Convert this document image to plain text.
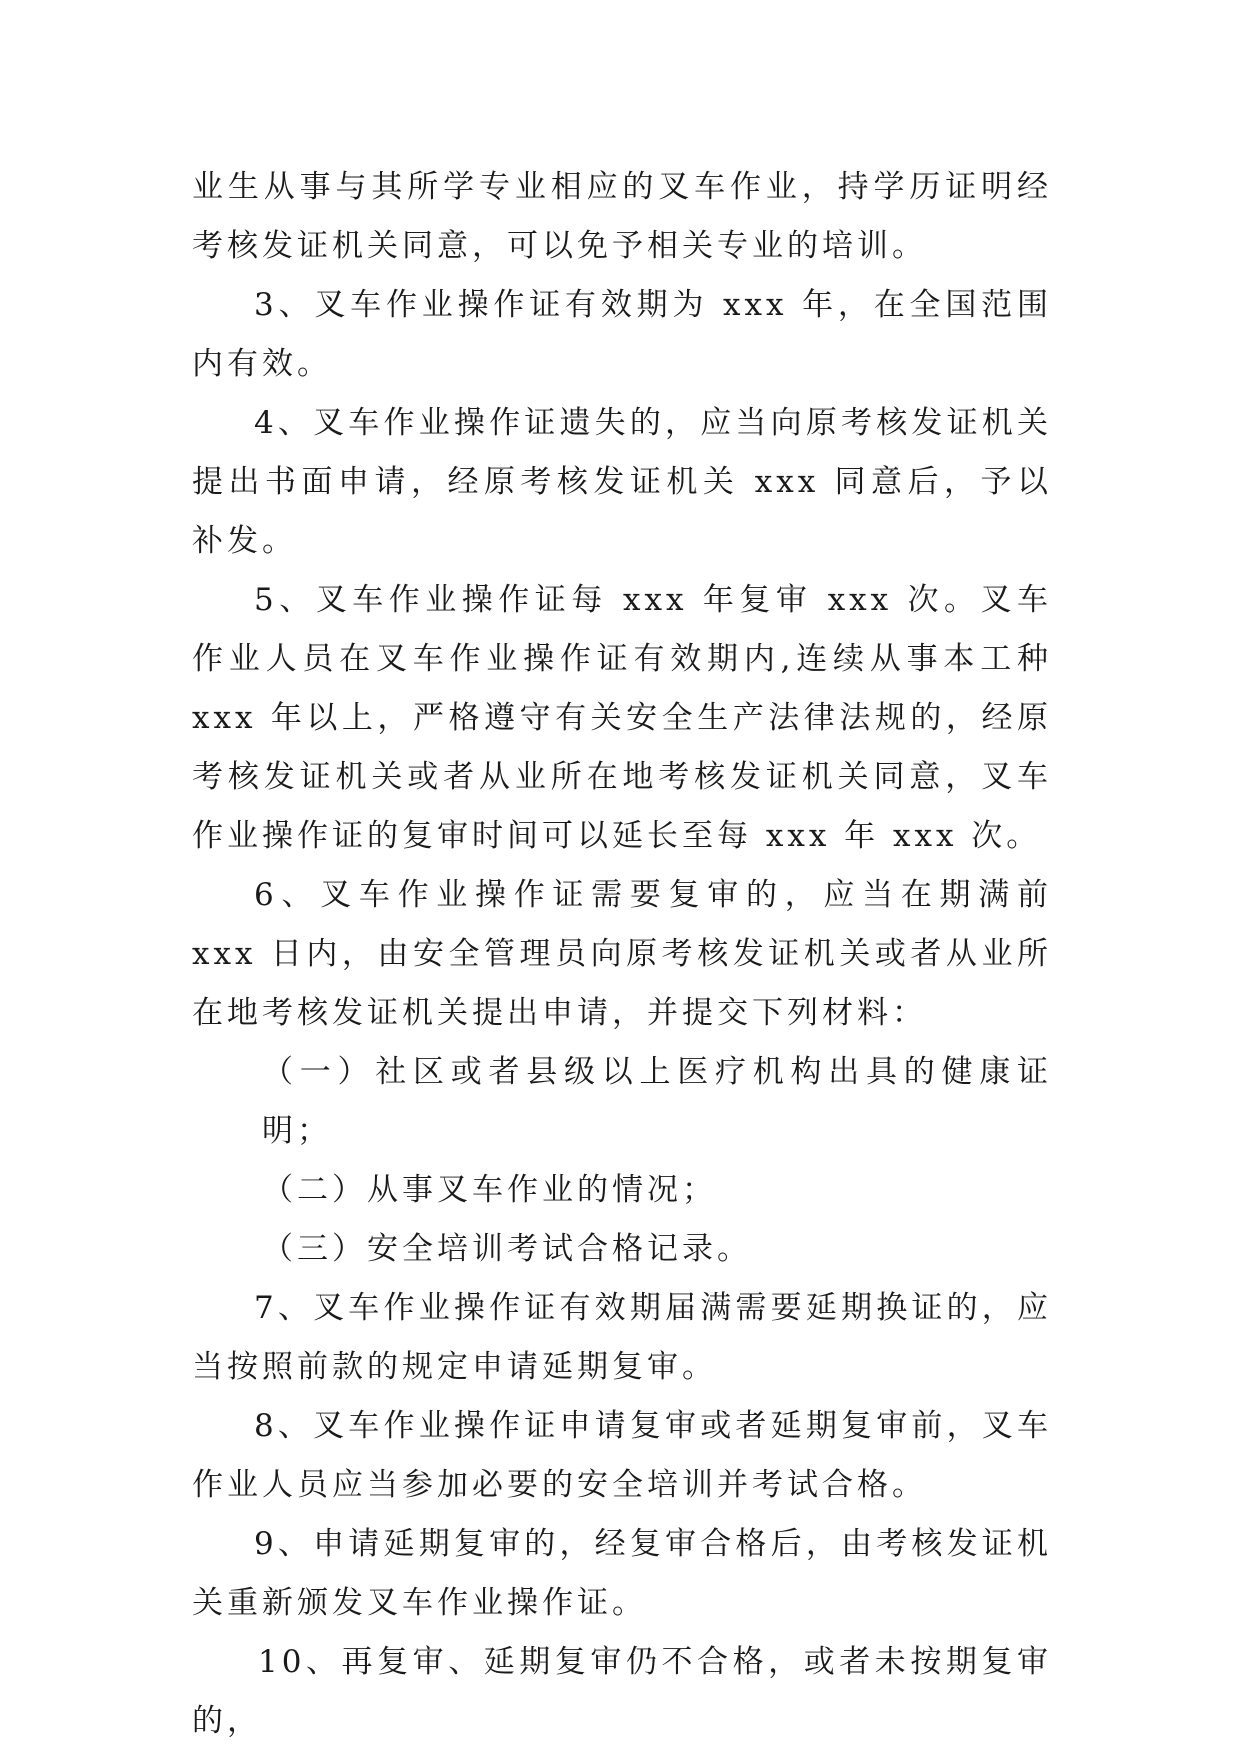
业生从事与其所学专业相应的叉车作业，持学历证明经考核发证机关同意，可以免予相关专业的培训。

3、叉车作业操作证有效期为 xxx 年，在全国范围内有效。

4、叉车作业操作证遗失的，应当向原考核发证机关提出书面申请，经原考核发证机关 xxx 同意后，予以补发。

5、叉车作业操作证每 xxx 年复审 xxx 次。叉车作业人员在叉车作业操作证有效期内,连续从事本工种 xxx 年以上，严格遵守有关安全生产法律法规的，经原考核发证机关或者从业所在地考核发证机关同意，叉车作业操作证的复审时间可以延长至每 xxx 年 xxx 次。

6、叉车作业操作证需要复审的，应当在期满前 xxx 日内，由安全管理员向原考核发证机关或者从业所在地考核发证机关提出申请，并提交下列材料：

（一）社区或者县级以上医疗机构出具的健康证明；

（二）从事叉车作业的情况；

（三）安全培训考试合格记录。

7、叉车作业操作证有效期届满需要延期换证的，应当按照前款的规定申请延期复审。

8、叉车作业操作证申请复审或者延期复审前，叉车作业人员应当参加必要的安全培训并考试合格。

9、申请延期复审的，经复审合格后，由考核发证机关重新颁发叉车作业操作证。

10、再复审、延期复审仍不合格，或者未按期复审的，
